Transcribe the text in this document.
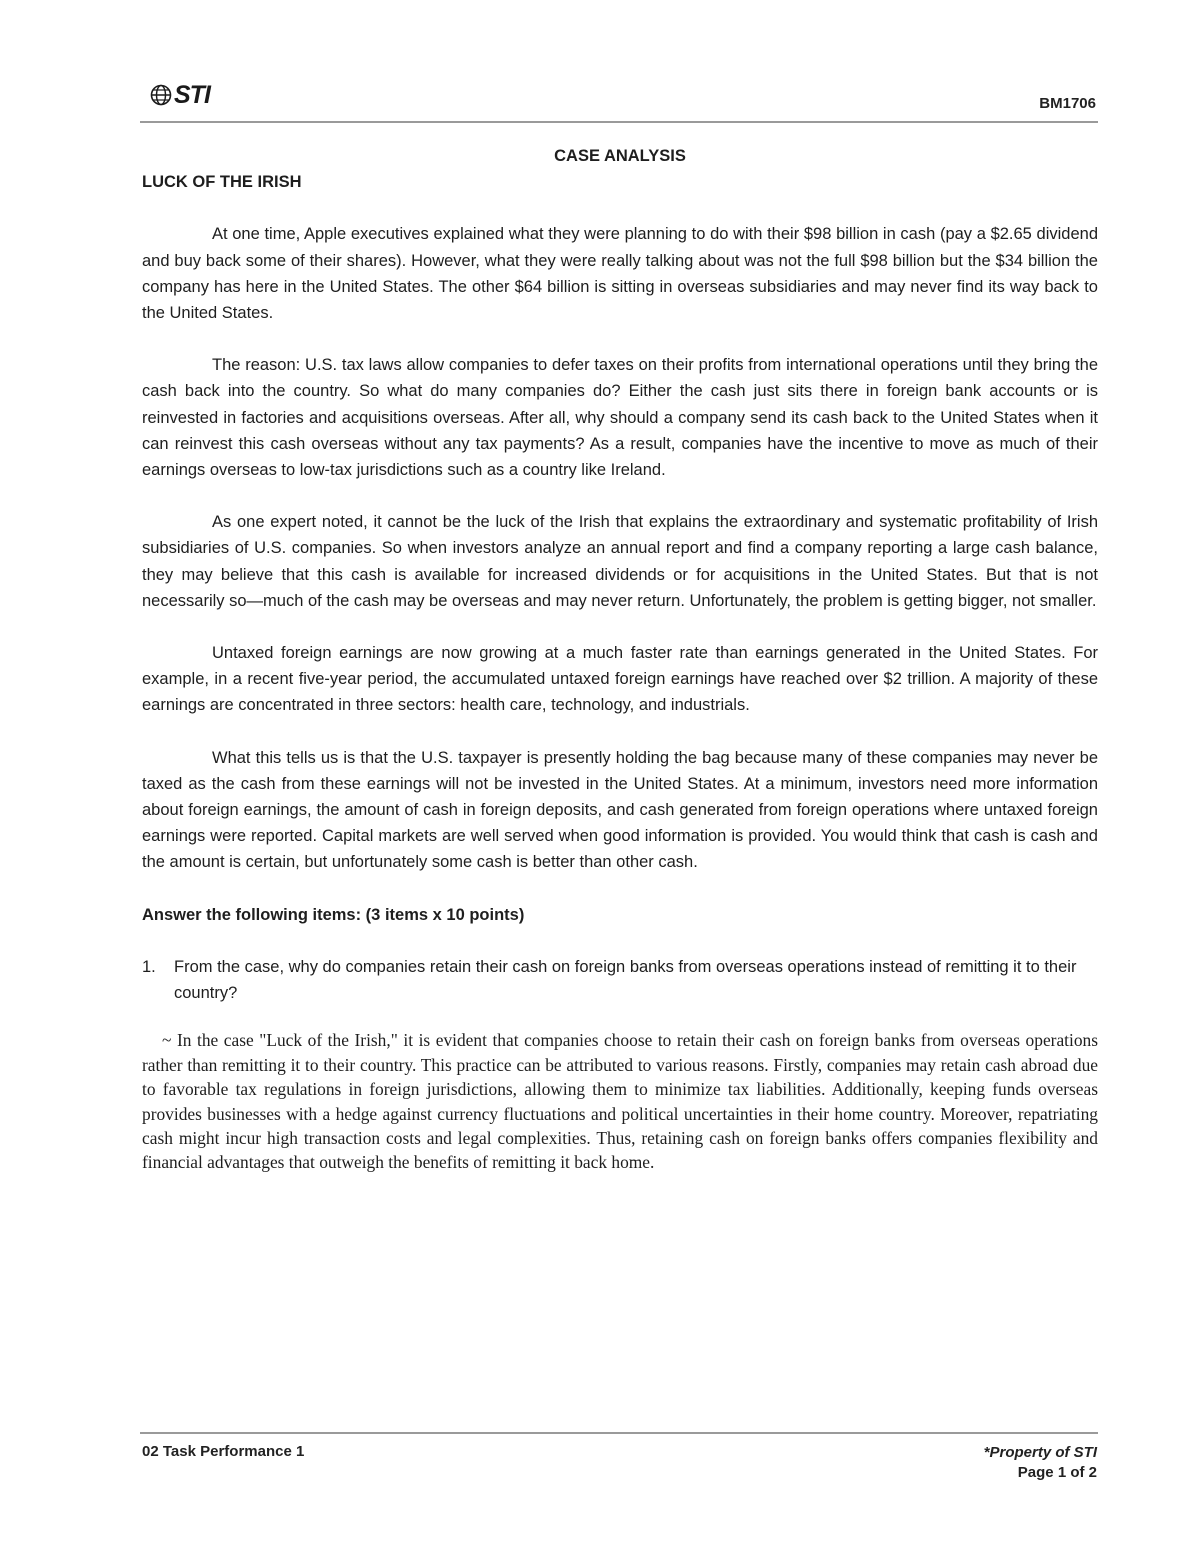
STI	BM1706

CASE ANALYSIS

LUCK OF THE IRISH

At one time, Apple executives explained what they were planning to do with their $98 billion in cash (pay a $2.65 dividend and buy back some of their shares). However, what they were really talking about was not the full $98 billion but the $34 billion the company has here in the United States. The other $64 billion is sitting in overseas subsidiaries and may never find its way back to the United States.

The reason: U.S. tax laws allow companies to defer taxes on their profits from international operations until they bring the cash back into the country. So what do many companies do? Either the cash just sits there in foreign bank accounts or is reinvested in factories and acquisitions overseas. After all, why should a company send its cash back to the United States when it can reinvest this cash overseas without any tax payments? As a result, companies have the incentive to move as much of their earnings overseas to low-tax jurisdictions such as a country like Ireland.

As one expert noted, it cannot be the luck of the Irish that explains the extraordinary and systematic profitability of Irish subsidiaries of U.S. companies. So when investors analyze an annual report and find a company reporting a large cash balance, they may believe that this cash is available for increased dividends or for acquisitions in the United States. But that is not necessarily so—much of the cash may be overseas and may never return. Unfortunately, the problem is getting bigger, not smaller.

Untaxed foreign earnings are now growing at a much faster rate than earnings generated in the United States. For example, in a recent five-year period, the accumulated untaxed foreign earnings have reached over $2 trillion. A majority of these earnings are concentrated in three sectors: health care, technology, and industrials.

What this tells us is that the U.S. taxpayer is presently holding the bag because many of these companies may never be taxed as the cash from these earnings will not be invested in the United States. At a minimum, investors need more information about foreign earnings, the amount of cash in foreign deposits, and cash generated from foreign operations where untaxed foreign earnings were reported. Capital markets are well served when good information is provided. You would think that cash is cash and the amount is certain, but unfortunately some cash is better than other cash.

Answer the following items: (3 items x 10 points)

1.	From the case, why do companies retain their cash on foreign banks from overseas operations instead of remitting it to their country?

~ In the case "Luck of the Irish," it is evident that companies choose to retain their cash on foreign banks from overseas operations rather than remitting it to their country. This practice can be attributed to various reasons. Firstly, companies may retain cash abroad due to favorable tax regulations in foreign jurisdictions, allowing them to minimize tax liabilities. Additionally, keeping funds overseas provides businesses with a hedge against currency fluctuations and political uncertainties in their home country. Moreover, repatriating cash might incur high transaction costs and legal complexities. Thus, retaining cash on foreign banks offers companies flexibility and financial advantages that outweigh the benefits of remitting it back home.

02 Task Performance 1	*Property of STI
Page 1 of 2
